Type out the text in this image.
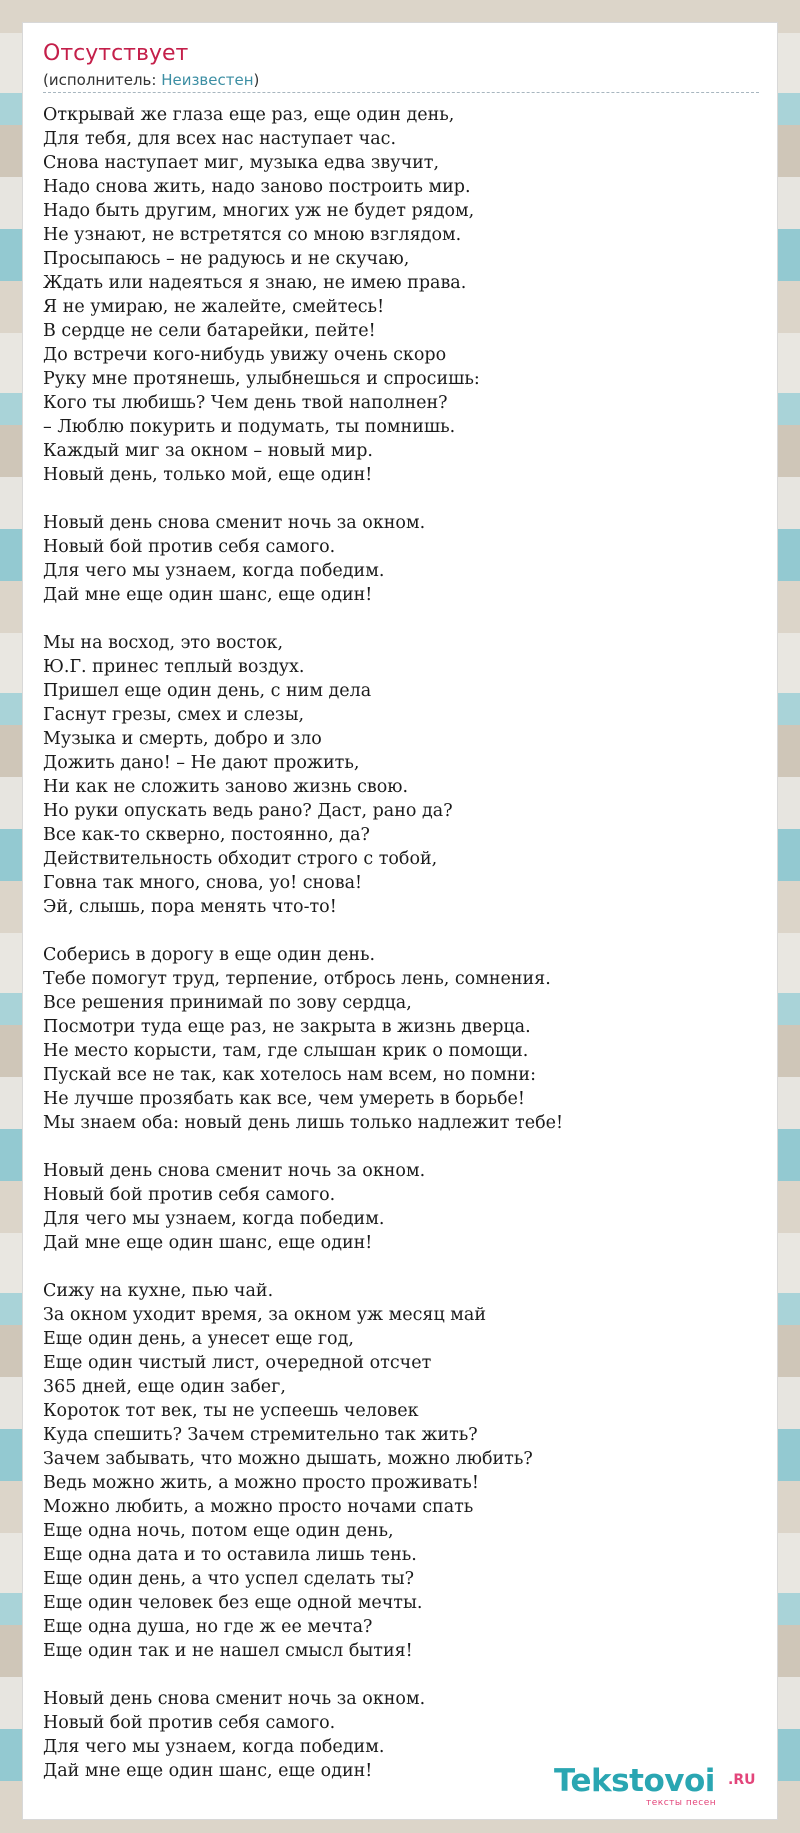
Отсутствует
(исполнитель: Неизвестен)
Открывай же глаза еще раз, еще один день,
Для тебя, для всех нас наступает час.
Снова наступает миг, музыка едва звучит,
Надо снова жить, надо заново построить мир.
Надо быть другим, многих уж не будет рядом,
Не узнают, не встретятся со мною взглядом.
Просыпаюсь – не радуюсь и не скучаю,
Ждать или надеяться я знаю, не имею права.
Я не умираю, не жалейте, смейтесь!
В сердце не сели батарейки, пейте!
До встречи кого-нибудь увижу очень скоро
Руку мне протянешь, улыбнешься и спросишь:
Кого ты любишь? Чем день твой наполнен?
– Люблю покурить и подумать, ты помнишь.
Каждый миг за окном – новый мир.
Новый день, только мой, еще один!
Новый день снова сменит ночь за окном.
Новый бой против себя самого.
Для чего мы узнаем, когда победим.
Дай мне еще один шанс, еще один!
Мы на восход, это восток,
Ю.Г. принес теплый воздух.
Пришел еще один день, с ним дела
Гаснут грезы, смех и слезы,
Музыка и смерть, добро и зло
Дожить дано! – Не дают прожить,
Ни как не сложить заново жизнь свою.
Но руки опускать ведь рано? Даст, рано да?
Все как-то скверно, постоянно, да?
Действительность обходит строго с тобой,
Говна так много, снова, уо! снова!
Эй, слышь, пора менять что-то!
Соберись в дорогу в еще один день.
Тебе помогут труд, терпение, отбрось лень, сомнения.
Все решения принимай по зову сердца,
Посмотри туда еще раз, не закрыта в жизнь дверца.
Не место корысти, там, где слышан крик о помощи.
Пускай все не так, как хотелось нам всем, но помни:
Не лучше прозябать как все, чем умереть в борьбе!
Мы знаем оба: новый день лишь только надлежит тебе!
Новый день снова сменит ночь за окном.
Новый бой против себя самого.
Для чего мы узнаем, когда победим.
Дай мне еще один шанс, еще один!
Сижу на кухне, пью чай.
За окном уходит время, за окном уж месяц май
Еще один день, а унесет еще год,
Еще один чистый лист, очередной отсчет
365 дней, еще один забег,
Короток тот век, ты не успеешь человек
Куда спешить? Зачем стремительно так жить?
Зачем забывать, что можно дышать, можно любить?
Ведь можно жить, а можно просто проживать!
Можно любить, а можно просто ночами спать
Еще одна ночь, потом еще один день,
Еще одна дата и то оставила лишь тень.
Еще один день, а что успел сделать ты?
Еще один человек без еще одной мечты.
Еще одна душа, но где ж ее мечта?
Еще один так и не нашел смысл бытия!
Новый день снова сменит ночь за окном.
Новый бой против себя самого.
Для чего мы узнаем, когда победим.
Дай мне еще один шанс, еще один!	Tekstovoi .RU
тексты песен
